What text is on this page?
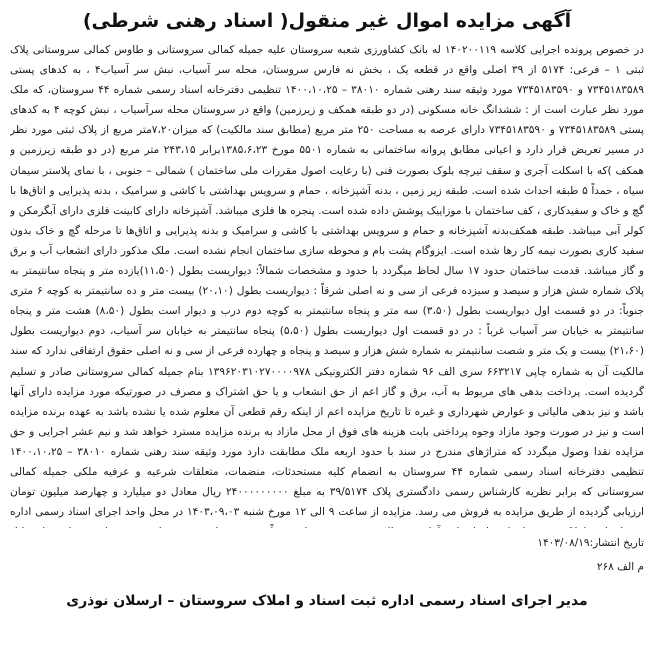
آگهی مزایده اموال غیر منقول( اسناد رهنی شرطی)

در خصوص پرونده اجرایی کلاسه ۱۴۰۲۰۰۱۱۹ له بانک کشاورزی شعبه سروستان علیه جمیله کمالی سروستانی و طاوس کمالی سروستانی پلاک ثبتی ۱ – فرعی: ۵۱۷۴ از ۳۹ اصلی واقع در قطعه یک ، بخش نه فارس سروستان، محله سر آسیاب، نبش سر آسیاب۴ ، به کدهای پستی ۷۳۴۵۱۸۳۵۸۹ و ۷۳۴۵۱۸۳۵۹۰ مورد وثیقه سند رهنی شماره ۳۸۰۱۰ – ۱۴۰۰،۱۰،۲۵ تنظیمی دفترخانه اسناد رسمی شماره ۴۴ سروستان، که ملک مورد نظر عبارت است از : ششدانگ خانه مسکونی (در دو طبقه همکف و زیرزمین) واقع در سروستان محله سرآسیاب ، نبش کوچه ۴ به کدهای پستی ۷۳۴۵۱۸۳۵۸۹ و ۷۳۴۵۱۸۳۵۹۰ دارای عرصه به مساحت ۲۵۰ متر مربع (مطابق سند مالکیت) که میزان۷،۲۰متر مربع از پلاک ثبتی مورد نظر در مسیر تعریض قرار دارد و اعیانی مطابق پروانه ساختمانی به شماره ۵۵۰۱ مورخ ۱۳۸۵،۶،۲۳برابر ۲۴۳،۱۵ متر مربع (در دو طبقه زیرزمین و همکف )که با اسکلت آجری و سقف تیرچه بلوک بصورت فنی (با رعایت اصول مقررات ملی ساختمان ) شمالی – جنوبی ، با نمای پلاستر سیمان سیاه ، حمداً ۵ طبقه احداث شده است. طبقه زیر زمین ، بدنه آشپزخانه ، حمام و سرویس بهداشتی با کاشی و سرامیک ، بدنه پذیرایی و اتاق‌ها با گچ و خاک و سفیدکاری ، کف ساختمان با موزاییک پوشش داده شده است. پنجره ها فلزی میباشد. آشپزخانه دارای کابینت فلزی دارای آبگرمکن و کولر آبی میباشد. طبقه همکف‌بدنه آشپزخانه و حمام و سرویس بهداشتی با کاشی و سرامیک و بدنه پذیرایی و اتاق‌ها تا مرحله گچ و خاک بدون سفید کاری بصورت نیمه کار رها شده است. ایزوگام پشت بام و محوطه سازی ساختمان انجام نشده است. ملک مذکور دارای انشعاب آب و برق و گاز میباشد. قدمت ساختمان حدود ۱۷ سال لحاظ میگردد با حدود و مشخصات شمالاً: دیواریست بطول (۱۱،۵۰)یازده متر و پنجاه سانتیمتر به پلاک شماره شش هزار و سیصد و سیزده فرعی از سی و نه اصلی شرقاً : دیواریست بطول (۲۰،۱۰) بیست متر و ده سانتیمتر به کوچه ۶ متری جنوباً: در دو قسمت اول دیواریست بطول (۳،۵۰) سه متر و پنجاه سانتیمتر به کوچه دوم درب و دیوار است بطول (۸،۵۰) هشت متر و پنجاه سانتیمتر به خیابان سر آسیاب غرباً : در دو قسمت اول دیواریست بطول (۵،۵۰) پنجاه سانتیمتر به خیابان سر آسیاب، دوم دیواریست بطول (۲۱،۶۰) بیست و یک متر و شصت سانتیمتر به شماره شش هزار و سیصد و پنجاه و چهارده فرعی از سی و نه اصلی حقوق ارتفاقی ندارد که سند مالکیت آن به شماره چاپی ۶۶۳۲۱۷ سری الف ۹۶ شماره دفتر الکترونیکی ۱۳۹۶۲۰۳۱۰۲۷۰۰۰۰۹۷۸ بنام جمیله کمالی سروستانی صادر و تسلیم گردیده است. پرداخت بدهی های مربوط به آب، برق و گاز اعم از حق انشعاب و یا حق اشتراک و مصرف در صورتیکه مورد مزایده دارای آنها باشد و نیز بدهی مالیاتی و عوارض شهرداری و غیره تا تاریخ مزایده اعم از اینکه رقم قطعی آن معلوم شده یا نشده باشد به عهده برنده مزایده است و نیز در صورت وجود مازاد وجوه پرداختی بابت هزینه های فوق از محل مازاد به برنده مزایده مسترد خواهد شد و نیم عشر اجرایی و حق مزایده نقدا وصول میگردد که متراژهای مندرج در سند با حدود اربعه ملک مطابقت دارد مورد وثیقه سند رهنی شماره ۳۸۰۱۰ – ۱۴۰۰،۱۰،۲۵ تنظیمی دفترخانه اسناد رسمی شماره ۴۴ سروستان به انضمام کلیه مستحدثات، منضمات، متعلقات شرعیه و عرفیه ملکی جمیله کمالی سروستانی که برابر نظریه کارشناس رسمی دادگستری پلاک ۳۹/۵۱۷۴ به مبلغ ۲۴۰۰۰۰۰۰۰۰۰ ریال معادل دو میلیارد و چهارصد میلیون تومان ارزیابی گردیده از طریق مزایده به فروش می رسد. مزایده از ساعت ۹ الی ۱۲ مورخ شنبه ۱۴۰۳،۰۹،۰۳ در محل واحد اجرای اسناد رسمی اداره

تاریخ انتشار:۱۴۰۳/۰۸/۱۹
م الف ۲۶۸
مدیر اجرای اسناد رسمی اداره ثبت اسناد و املاک سروستان – ارسلان نوذری
